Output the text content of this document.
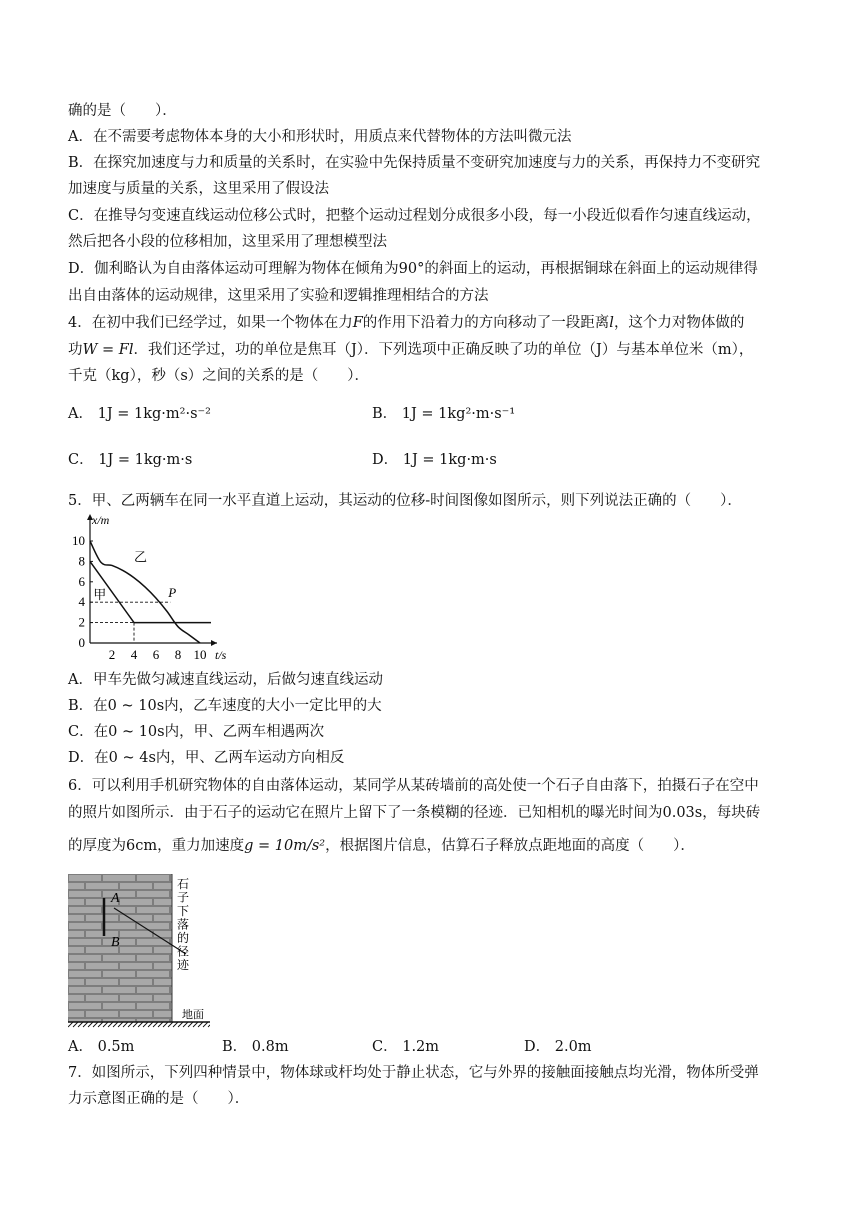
确的是（　　）．
A．在不需要考虑物体本身的大小和形状时，用质点来代替物体的方法叫微元法
B．在探究加速度与力和质量的关系时，在实验中先保持质量不变研究加速度与力的关系，再保持力不变研究
加速度与质量的关系，这里采用了假设法
C．在推导匀变速直线运动位移公式时，把整个运动过程划分成很多小段，每一小段近似看作匀速直线运动，
然后把各小段的位移相加，这里采用了理想模型法
D．伽利略认为自由落体运动可理解为物体在倾角为90°的斜面上的运动，再根据铜球在斜面上的运动规律得
出自由落体的运动规律，这里采用了实验和逻辑推理相结合的方法
4．在初中我们已经学过，如果一个物体在力F的作用下沿着力的方向移动了一段距离l，这个力对物体做的
功W = Fl．我们还学过，功的单位是焦耳（J）．下列选项中正确反映了功的单位（J）与基本单位米（m），
千克（kg），秒（s）之间的关系的是（　　）．
A． 1J = 1kg·m²·s⁻²	B． 1J = 1kg²·m·s⁻¹
C． 1J = 1kg·m·s	D． 1J = 1kg·m·s
5．甲、乙两辆车在同一水平直道上运动，其运动的位移-时间图像如图所示，则下列说法正确的（　　）．
x/m
t/s
2 4 6 8 10
0
2
4
6
8
10
甲
乙
P
A．甲车先做匀减速直线运动，后做匀速直线运动
B．在0 ~ 10s内，乙车速度的大小一定比甲的大
C．在0 ~ 10s内，甲、乙两车相遇两次
D．在0 ~ 4s内，甲、乙两车运动方向相反
6．可以利用手机研究物体的自由落体运动，某同学从某砖墙前的高处使一个石子自由落下，拍摄石子在空中
的照片如图所示．由于石子的运动它在照片上留下了一条模糊的径迹．已知相机的曝光时间为0.03s，每块砖
的厚度为6cm，重力加速度g = 10m/s²，根据图片信息，估算石子释放点距地面的高度（　　）．
A
B
石
子
下
落
的
径
迹
地面
A． 0.5m	B． 0.8m	C． 1.2m	D． 2.0m
7．如图所示，下列四种情景中，物体球或杆均处于静止状态，它与外界的接触面接触点均光滑，物体所受弹
力示意图正确的是（　　）．
